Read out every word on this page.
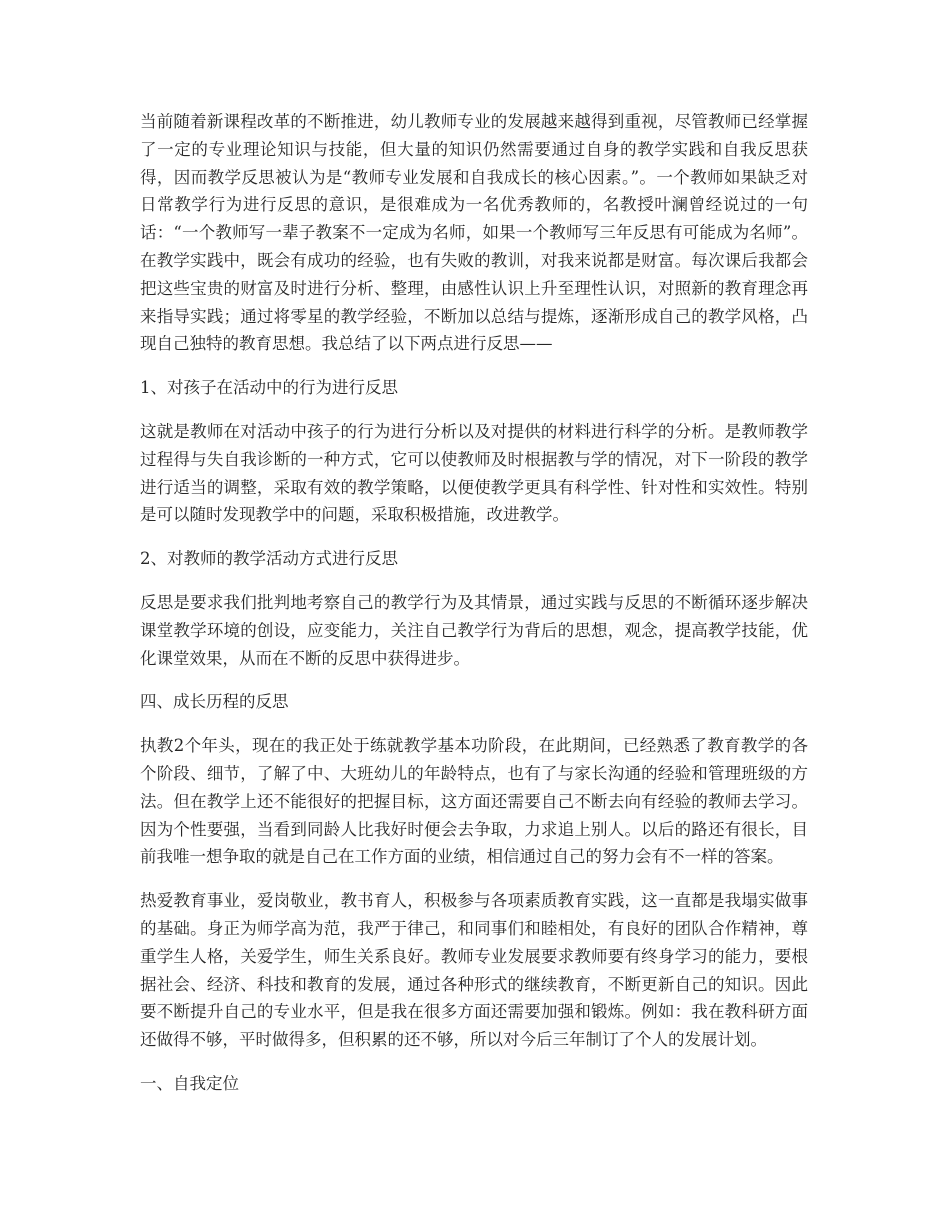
当前随着新课程改革的不断推进，幼儿教师专业的发展越来越得到重视，尽管教师已经掌握了一定的专业理论知识与技能，但大量的知识仍然需要通过自身的教学实践和自我反思获得，因而教学反思被认为是“教师专业发展和自我成长的核心因素。”。一个教师如果缺乏对日常教学行为进行反思的意识，是很难成为一名优秀教师的，名教授叶澜曾经说过的一句话：“一个教师写一辈子教案不一定成为名师，如果一个教师写三年反思有可能成为名师”。在教学实践中，既会有成功的经验，也有失败的教训，对我来说都是财富。每次课后我都会把这些宝贵的财富及时进行分析、整理，由感性认识上升至理性认识，对照新的教育理念再来指导实践；通过将零星的教学经验，不断加以总结与提炼，逐渐形成自己的教学风格，凸现自己独特的教育思想。我总结了以下两点进行反思——

1、对孩子在活动中的行为进行反思

这就是教师在对活动中孩子的行为进行分析以及对提供的材料进行科学的分析。是教师教学过程得与失自我诊断的一种方式，它可以使教师及时根据教与学的情况，对下一阶段的教学进行适当的调整，采取有效的教学策略，以便使教学更具有科学性、针对性和实效性。特别是可以随时发现教学中的问题，采取积极措施，改进教学。

2、对教师的教学活动方式进行反思

反思是要求我们批判地考察自己的教学行为及其情景，通过实践与反思的不断循环逐步解决课堂教学环境的创设，应变能力，关注自己教学行为背后的思想，观念，提高教学技能，优化课堂效果，从而在不断的反思中获得进步。

四、成长历程的反思

执教2个年头，现在的我正处于练就教学基本功阶段，在此期间，已经熟悉了教育教学的各个阶段、细节，了解了中、大班幼儿的年龄特点，也有了与家长沟通的经验和管理班级的方法。但在教学上还不能很好的把握目标，这方面还需要自己不断去向有经验的教师去学习。因为个性要强，当看到同龄人比我好时便会去争取，力求追上别人。以后的路还有很长，目前我唯一想争取的就是自己在工作方面的业绩，相信通过自己的努力会有不一样的答案。

热爱教育事业，爱岗敬业，教书育人，积极参与各项素质教育实践，这一直都是我塌实做事的基础。身正为师学高为范，我严于律己，和同事们和睦相处，有良好的团队合作精神，尊重学生人格，关爱学生，师生关系良好。教师专业发展要求教师要有终身学习的能力，要根据社会、经济、科技和教育的发展，通过各种形式的继续教育，不断更新自己的知识。因此要不断提升自己的专业水平，但是我在很多方面还需要加强和锻炼。例如：我在教科研方面还做得不够，平时做得多，但积累的还不够，所以对今后三年制订了个人的发展计划。

一、自我定位
